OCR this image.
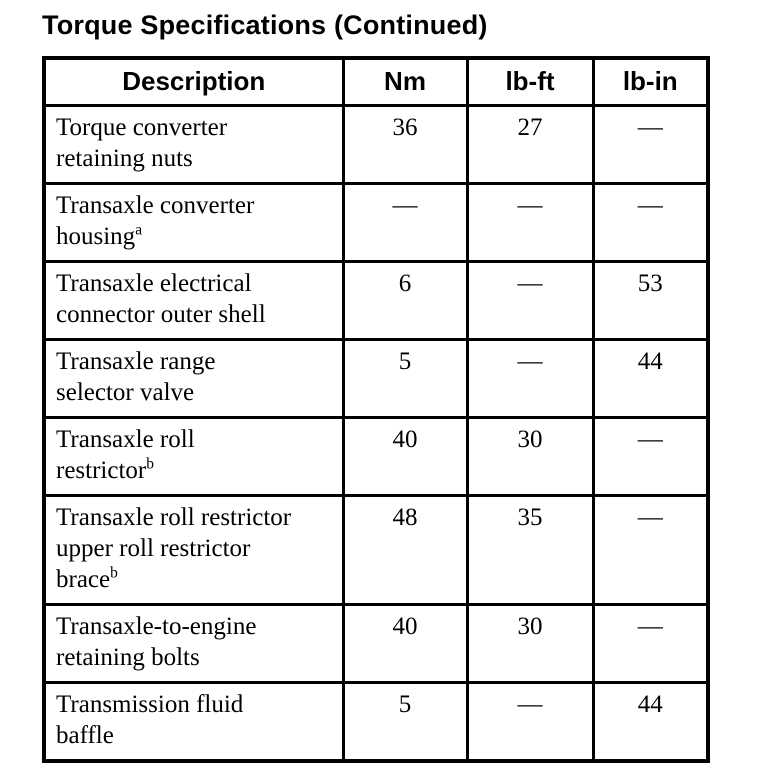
Torque Specifications (Continued)
Description	Nm	lb-ft	lb-in

Torque converter
retaining nuts	36	27	—

Transaxle converter
housing$^a$	—	—	—

Transaxle electrical
connector outer shell	6	—	53

Transaxle range
selector valve	5	—	44

Transaxle roll
restrictor$^b$	40	30	—

Transaxle roll restrictor
upper roll restrictor
brace$^b$	48	35	—

Transaxle-to-engine
retaining bolts	40	30	—

Transmission fluid
baffle	5	—	44
